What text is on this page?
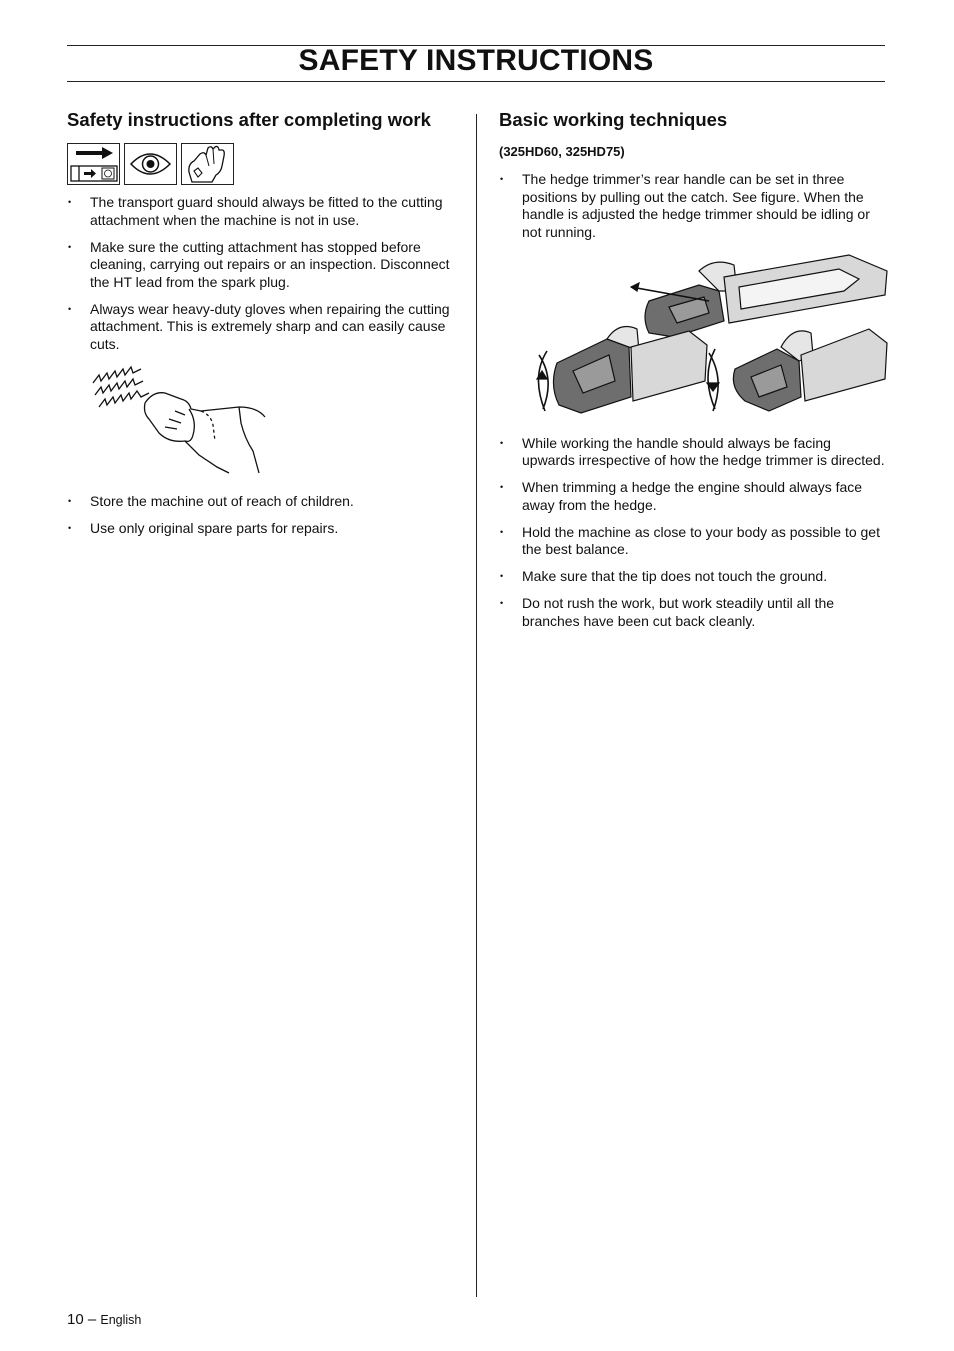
SAFETY INSTRUCTIONS
Safety instructions after completing work
• The transport guard should always be fitted to the cutting attachment when the machine is not in use.
• Make sure the cutting attachment has stopped before cleaning, carrying out repairs or an inspection. Disconnect the HT lead from the spark plug.
• Always wear heavy-duty gloves when repairing the cutting attachment. This is extremely sharp and can easily cause cuts.
• Store the machine out of reach of children.
• Use only original spare parts for repairs.
Basic working techniques
(325HD60, 325HD75)
• The hedge trimmer’s rear handle can be set in three positions by pulling out the catch. See figure. When the handle is adjusted the hedge trimmer should be idling or not running.
• While working the handle should always be facing upwards irrespective of how the hedge trimmer is directed.
• When trimming a hedge the engine should always face away from the hedge.
• Hold the machine as close to your body as possible to get the best balance.
• Make sure that the tip does not touch the ground.
• Do not rush the work, but work steadily until all the branches have been cut back cleanly.
10 – English
